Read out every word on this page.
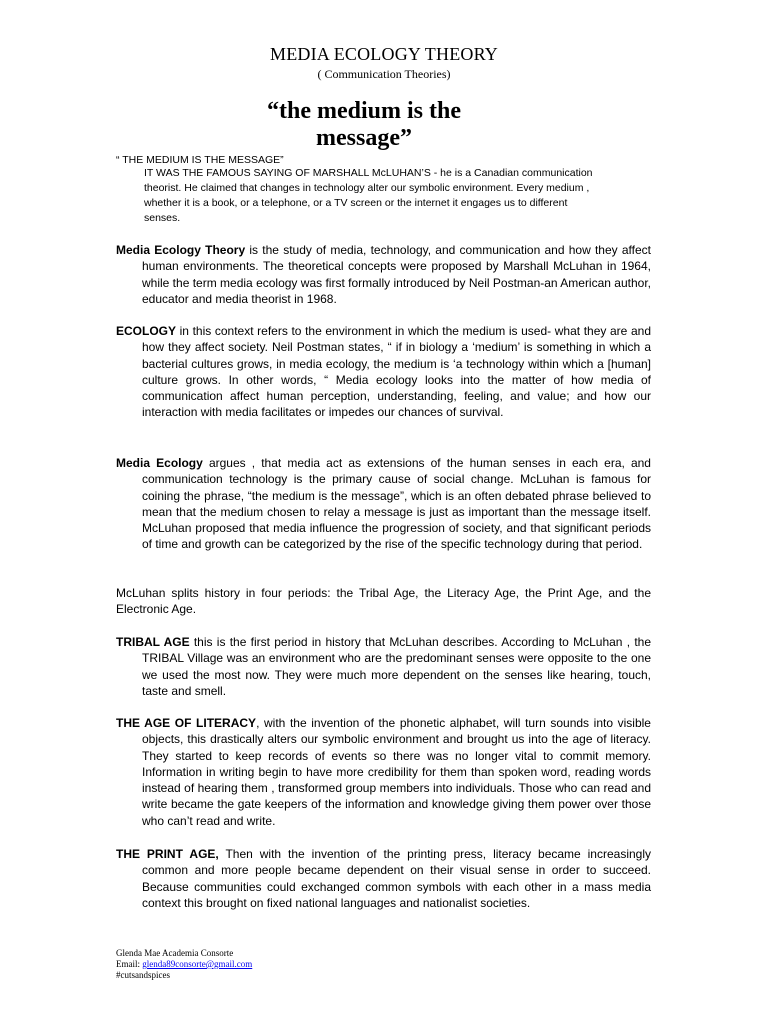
MEDIA ECOLOGY THEORY
( Communication Theories)
“the medium is the message”
“ THE MEDIUM IS THE MESSAGE”
IT WAS THE FAMOUS SAYING OF MARSHALL McLUHAN’S - he is a Canadian communication
theorist. He claimed that changes in technology alter our symbolic environment. Every medium ,
whether it is a book, or a telephone, or a TV screen or the internet it engages us to different
senses.
Media Ecology Theory is the study of media, technology, and communication and how they affect human environments. The theoretical concepts were proposed by Marshall McLuhan in 1964, while the term media ecology was first formally introduced by Neil Postman-an American author, educator and media theorist in 1968.
ECOLOGY in this context refers to the environment in which the medium is used- what they are and how they affect society. Neil Postman states, “ if in biology a ‘medium’ is something in which a bacterial cultures grows, in media ecology, the medium is ‘a technology within which a [human] culture grows. In other words, “ Media ecology looks into the matter of how media of communication affect human perception, understanding, feeling, and value; and how our interaction with media facilitates or impedes our chances of survival.
Media Ecology argues , that media act as extensions of the human senses in each era, and communication technology is the primary cause of social change. McLuhan is famous for coining the phrase, “the medium is the message”, which is an often debated phrase believed to mean that the medium chosen to relay a message is just as important than the message itself. McLuhan proposed that media influence the progression of society, and that significant periods of time and growth can be categorized by the rise of the specific technology during that period.
McLuhan splits history in four periods: the Tribal Age, the Literacy Age, the Print Age, and the Electronic Age.
TRIBAL AGE this is the first period in history that McLuhan describes. According to McLuhan , the TRIBAL Village was an environment who are the predominant senses were opposite to the one we used the most now. They were much more dependent on the senses like hearing, touch, taste and smell.
THE AGE OF LITERACY, with the invention of the phonetic alphabet, will turn sounds into visible objects, this drastically alters our symbolic environment and brought us into the age of literacy. They started to keep records of events so there was no longer vital to commit memory. Information in writing begin to have more credibility for them than spoken word, reading words instead of hearing them , transformed group members into individuals. Those who can read and write became the gate keepers of the information and knowledge giving them power over those who can’t read and write.
THE PRINT AGE, Then with the invention of the printing press, literacy became increasingly common and more people became dependent on their visual sense in order to succeed. Because communities could exchanged common symbols with each other in a mass media context this brought on fixed national languages and nationalist societies.
Glenda Mae Academia Consorte
Email: glenda89consorte@gmail.com
#cutsandspices
